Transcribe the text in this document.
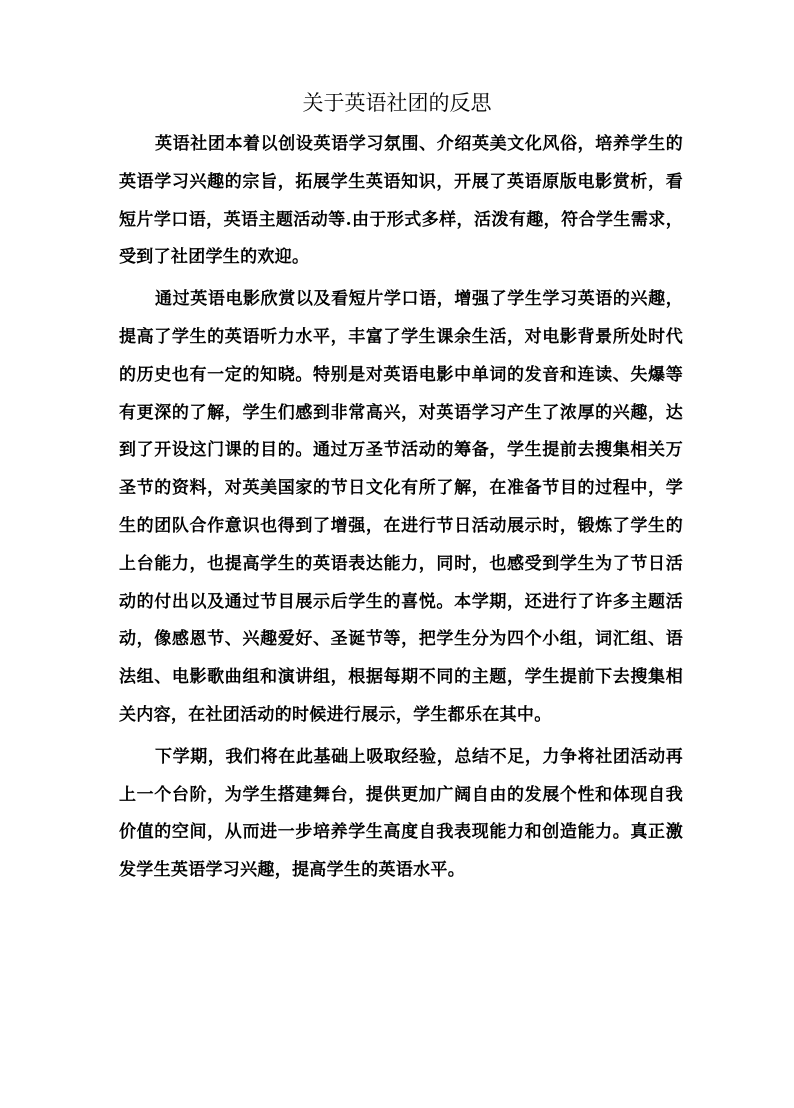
关于英语社团的反思

英语社团本着以创设英语学习氛围、介绍英美文化风俗，培养学生的英语学习兴趣的宗旨，拓展学生英语知识，开展了英语原版电影赏析，看短片学口语，英语主题活动等.由于形式多样，活泼有趣，符合学生需求，受到了社团学生的欢迎。

通过英语电影欣赏以及看短片学口语，增强了学生学习英语的兴趣，提高了学生的英语听力水平，丰富了学生课余生活，对电影背景所处时代的历史也有一定的知晓。特别是对英语电影中单词的发音和连读、失爆等有更深的了解，学生们感到非常高兴，对英语学习产生了浓厚的兴趣，达到了开设这门课的目的。通过万圣节活动的筹备，学生提前去搜集相关万圣节的资料，对英美国家的节日文化有所了解，在准备节目的过程中，学生的团队合作意识也得到了增强，在进行节日活动展示时，锻炼了学生的上台能力，也提高学生的英语表达能力，同时，也感受到学生为了节日活动的付出以及通过节目展示后学生的喜悦。本学期，还进行了许多主题活动，像感恩节、兴趣爱好、圣诞节等，把学生分为四个小组，词汇组、语法组、电影歌曲组和演讲组，根据每期不同的主题，学生提前下去搜集相关内容，在社团活动的时候进行展示，学生都乐在其中。

下学期，我们将在此基础上吸取经验，总结不足，力争将社团活动再上一个台阶，为学生搭建舞台，提供更加广阔自由的发展个性和体现自我价值的空间，从而进一步培养学生高度自我表现能力和创造能力。真正激发学生英语学习兴趣，提高学生的英语水平。
